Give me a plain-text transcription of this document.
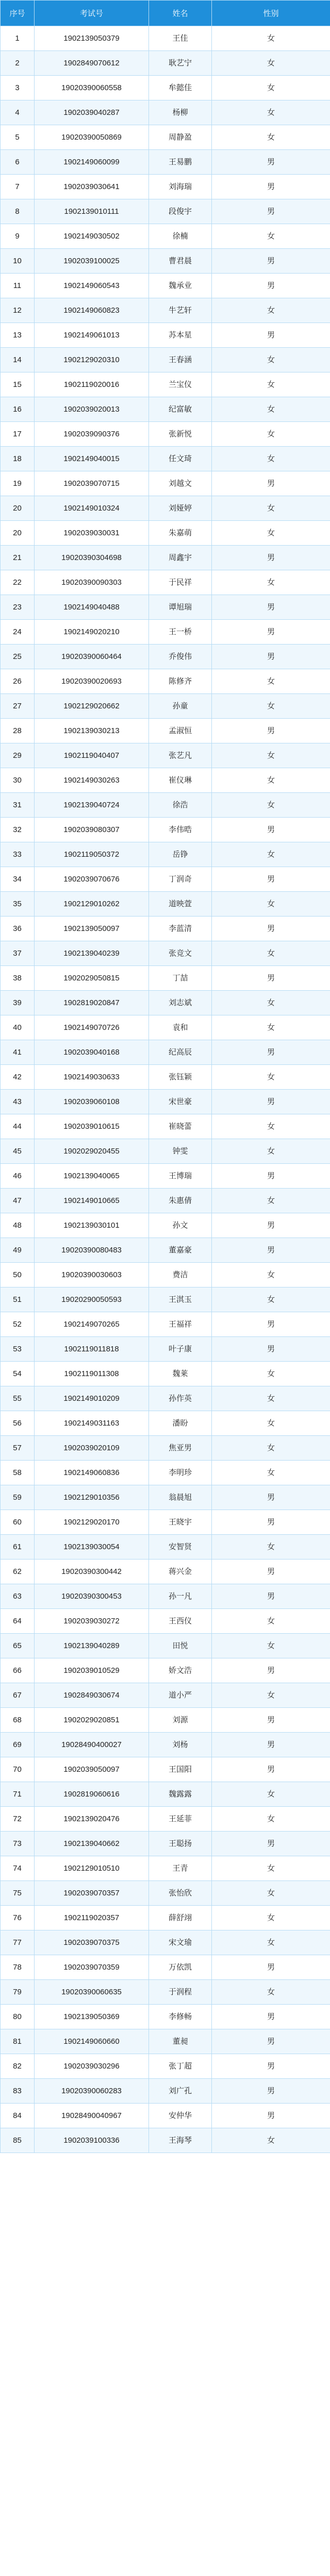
序号	考试号	姓名	性别
1	1902139050379	王佳	女
2	1902849070612	耿艺宁	女
3	19020390060558	牟懿佳	女
4	1902039040287	杨柳	女
5	19020390050869	周静盈	女
6	1902149060099	王易鹏	男
7	1902039030641	刘海瑞	男
8	1902139010111	段俊宇	男
9	1902149030502	徐楠	女
10	1902039100025	曹君晨	男
11	1902149060543	魏承业	男
12	1902149060823	牛艺轩	女
13	1902149061013	苏本星	男
14	1902129020310	王春涵	女
15	1902119020016	兰宝仪	女
16	1902039020013	纪富敏	女
17	1902039090376	张新悦	女
18	1902149040015	任文琦	女
19	1902039070715	刘越文	男
20	1902149010324	刘娅婷	女
20	1902039030031	朱嘉萌	女
21	19020390304698	周鑫宇	男
22	19020390090303	于民祥	女
23	1902149040488	谭旭瑞	男
24	1902149020210	王一桥	男
25	19020390060464	乔俊伟	男
26	19020390020693	陈修齐	女
27	1902129020662	孙童	女
28	1902139030213	孟淑恒	男
29	1902119040407	张艺凡	女
30	1902149030263	崔仪琳	女
31	1902139040724	徐浩	女
32	1902039080307	李伟晧	男
33	1902119050372	岳铮	女
34	1902039070676	丁润奇	男
35	1902129010262	道映萱	女
36	1902139050097	李蓝清	男
37	1902139040239	张竞文	女
38	1902029050815	丁喆	男
39	1902819020847	刘志斌	女
40	1902149070726	袁和	女
41	1902039040168	纪高辰	男
42	1902149030633	张钰颖	女
43	1902039060108	宋世豪	男
44	1902039010615	崔晓蕾	女
45	1902029020455	钟雯	女
46	1902139040065	王博瑞	男
47	1902149010665	朱惠倩	女
48	1902139030101	孙文	男
49	19020390080483	董嘉豪	男
50	19020390030603	费洁	女
51	19020290050593	王淇玉	女
52	1902149070265	王福祥	男
53	1902119011818	叶子康	男
54	1902119011308	魏莱	女
55	1902149010209	孙作英	女
56	1902149031163	潘盼	女
57	1902039020109	焦亚男	女
58	1902149060836	李明珍	女
59	1902129010356	翁晨旭	男
60	1902129020170	王晓宇	男
61	1902139030054	安智贤	女
62	19020390300442	蒋兴金	男
63	19020390300453	孙一凡	男
64	1902039030272	王西仪	女
65	1902139040289	田悦	女
66	1902039010529	娇文浩	男
67	1902849030674	道小严	女
68	1902029020851	刘源	男
69	19028490400027	刘杨	男
70	1902039050097	王国阳	男
71	1902819060616	魏露露	女
72	1902139020476	王延菲	女
73	1902139040662	王聪扬	男
74	1902129010510	王青	女
75	1902039070357	张怡欣	女
76	1902119020357	薛舒翊	女
77	1902039070375	宋文瑜	女
78	1902039070359	万依凯	男
79	19020390060635	于润程	女
80	1902139050369	李修畅	男
81	1902149060660	董昶	男
82	1902039030296	张丁超	男
83	19020390060283	刘广孔	男
84	19028490040967	安仲华	男
85	1902039100336	王海琴	女
